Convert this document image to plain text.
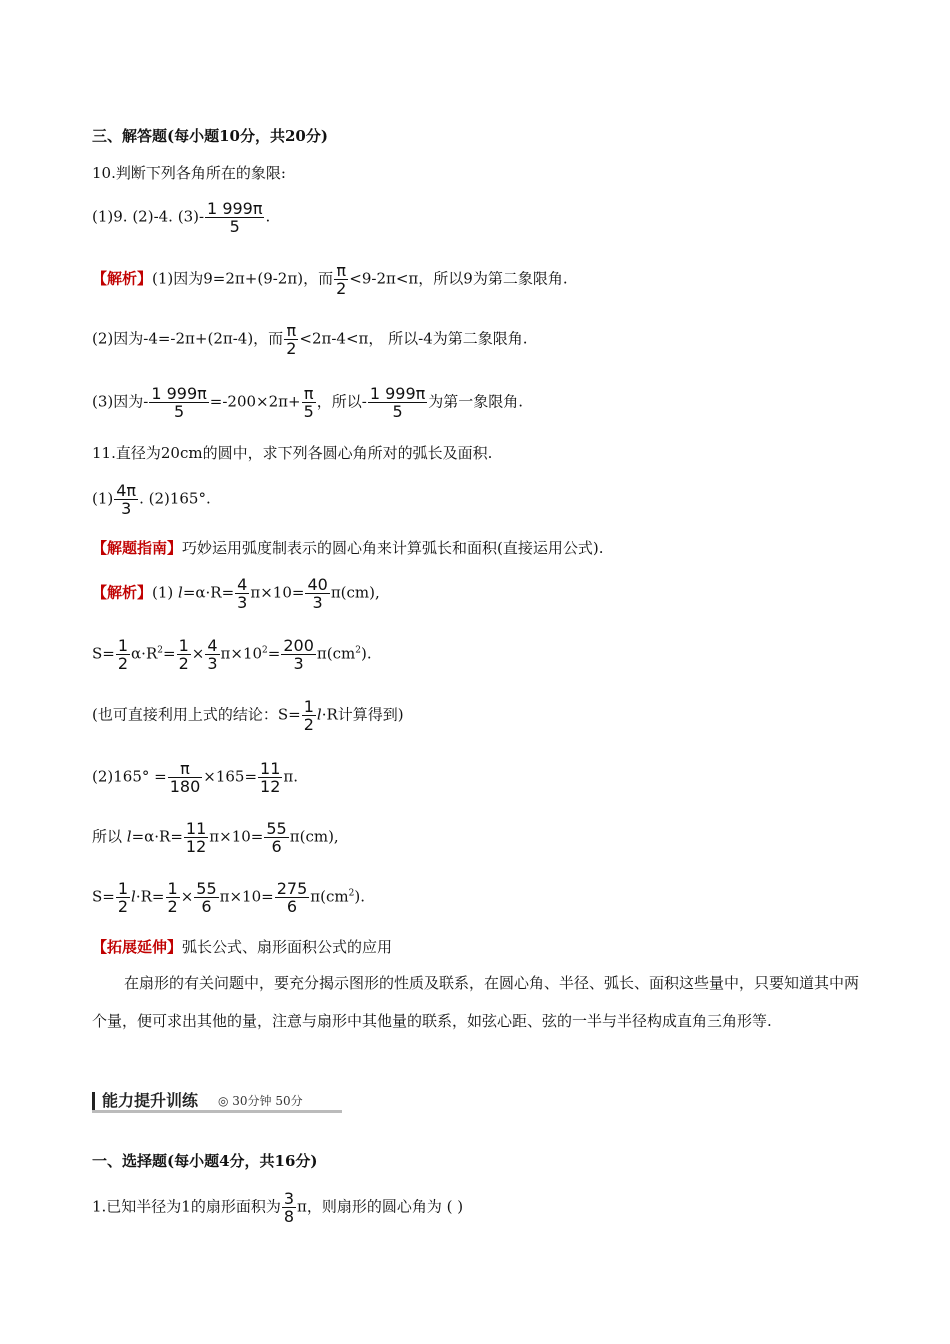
三、解答题(每小题10分，共20分)
10.判断下列各角所在的象限:
(1)9. (2)-4. $(3)- \frac{1 999\pi}{5}$ .
【解析】(1)因为9=2π+(9-2π)，而 $\frac{\pi}{2} <9-2\pi<\pi$，所以9为第二象限角.
(2)因为-4=-2π+(2π-4)，而 $\frac{\pi}{2} <2\pi-4<\pi$， 所以-4为第二象限角.
(3)因为- $\frac{1 999\pi}{5} =-200\times 2\pi+ \frac{\pi}{5}$ ，所以- $\frac{1 999\pi}{5}$ 为第一象限角.
11.直径为20cm的圆中，求下列各圆心角所对的弧长及面积.
$(1) \frac{4\pi}{3}$ . (2)165°.
【解题指南】巧妙运用弧度制表示的圆心角来计算弧长和面积(直接运用公式).
【解析】(1) $l=\alpha\cdot R= \frac{4}{3} \pi\times 10= \frac{40}{3} \pi(cm)$,
$S= \frac{1}{2} \alpha\cdot R^2= \frac{1}{2} \times \frac{4}{3} \pi\times 10^2= \frac{200}{3} \pi(cm^2)$.
(也可直接利用上式的结论：$S= \frac{1}{2} l\cdot R$计算得到)
$(2)165^\circ = \frac{\pi}{180} \times 165= \frac{11}{12} \pi$.
所以 $l=\alpha\cdot R= \frac{11}{12} \pi\times 10= \frac{55}{6} \pi(cm)$,
$S= \frac{1}{2} l\cdot R= \frac{1}{2} \times \frac{55}{6} \pi\times 10= \frac{275}{6} \pi(cm^2)$.
【拓展延伸】弧长公式、扇形面积公式的应用
在扇形的有关问题中，要充分揭示图形的性质及联系，在圆心角、半径、弧长、面积这些量中，只要知道其中两个量，便可求出其他的量，注意与扇形中其他量的联系，如弦心距、弦的一半与半径构成直角三角形等.
能力提升训练 ◎ 30分钟 50分
一、选择题(每小题4分，共16分)
1.已知半径为1的扇形面积为 $\frac{3}{8}$ π，则扇形的圆心角为 ( )
